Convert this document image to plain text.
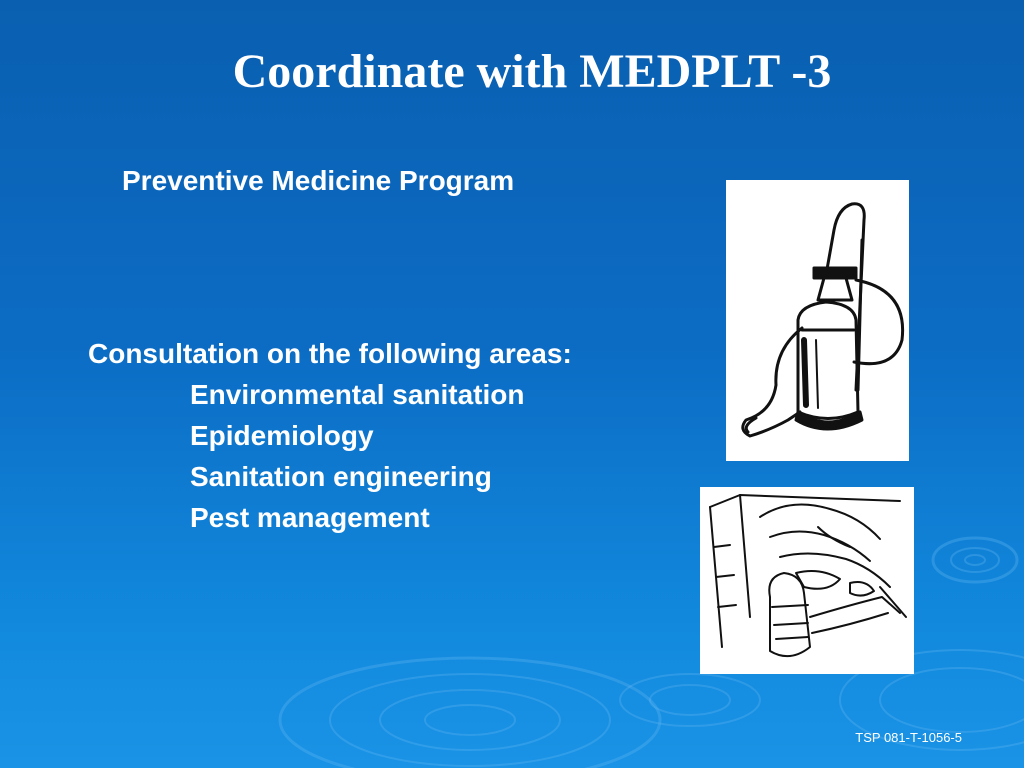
Coordinate with MEDPLT -3
Preventive Medicine Program
Consultation on the following areas:
Environmental sanitation
Epidemiology
Sanitation engineering
Pest management
TSP 081-T-1056-5
